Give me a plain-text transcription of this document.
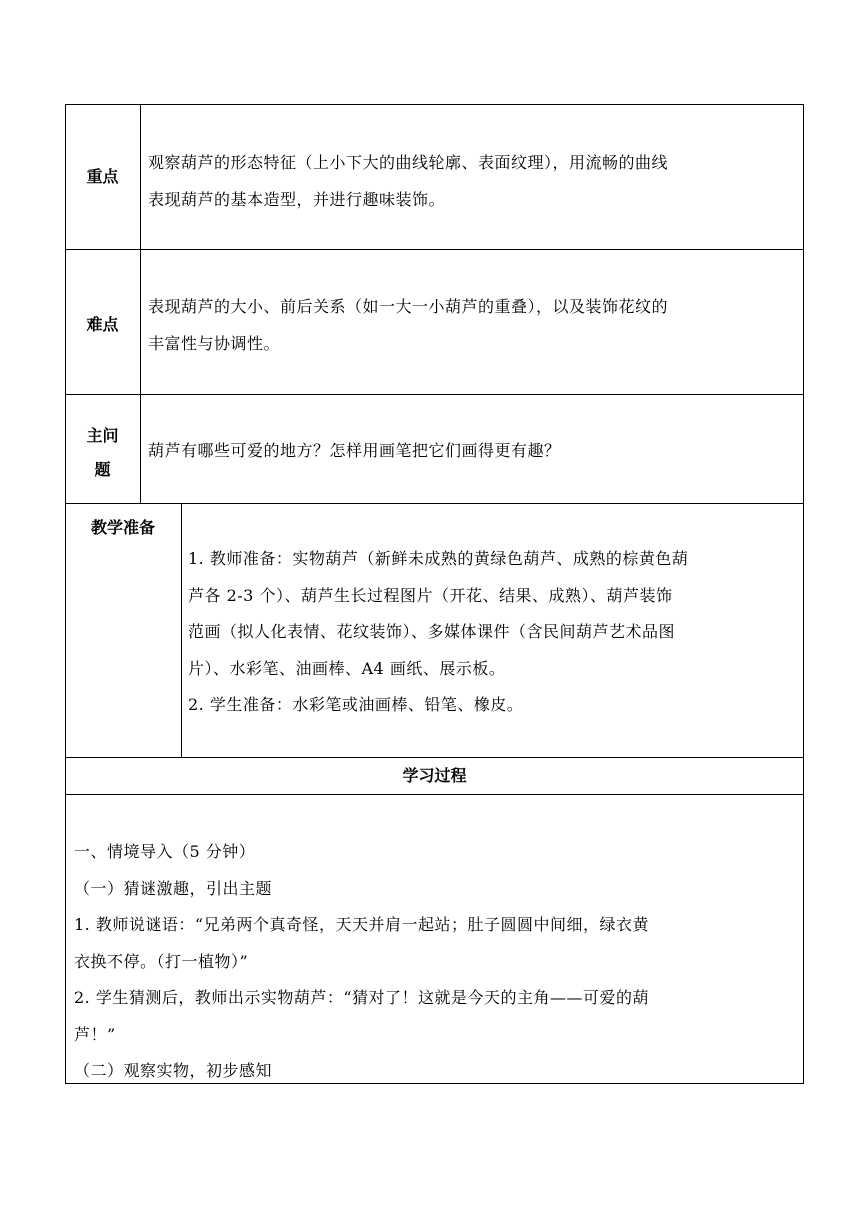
重点
观察葫芦的形态特征（上小下大的曲线轮廓、表面纹理），用流畅的曲线
表现葫芦的基本造型，并进行趣味装饰。
难点
表现葫芦的大小、前后关系（如一大一小葫芦的重叠），以及装饰花纹的
丰富性与协调性。
主问
题
葫芦有哪些可爱的地方？怎样用画笔把它们画得更有趣？
教学准备
1. 教师准备：实物葫芦（新鲜未成熟的黄绿色葫芦、成熟的棕黄色葫
芦各 2-3 个）、葫芦生长过程图片（开花、结果、成熟）、葫芦装饰
范画（拟人化表情、花纹装饰）、多媒体课件（含民间葫芦艺术品图
片）、水彩笔、油画棒、A4 画纸、展示板。
2. 学生准备：水彩笔或油画棒、铅笔、橡皮。
学习过程
一、情境导入（5 分钟）
（一）猜谜激趣，引出主题
1. 教师说谜语：“兄弟两个真奇怪，天天并肩一起站；肚子圆圆中间细，绿衣黄
衣换不停。（打一植物）”
2. 学生猜测后，教师出示实物葫芦：“猜对了！这就是今天的主角——可爱的葫
芦！”
（二）观察实物，初步感知
